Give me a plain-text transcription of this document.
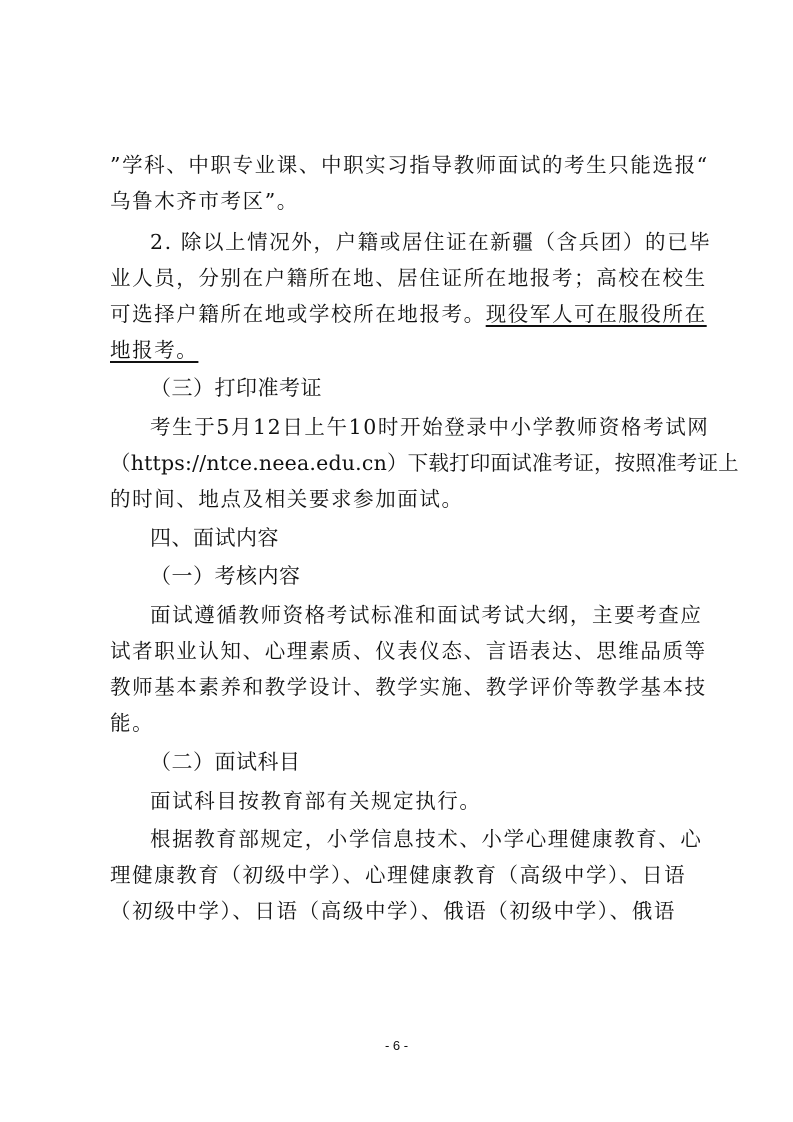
”学科、中职专业课、中职实习指导教师面试的考生只能选报“
乌鲁木齐市考区”。
2. 除以上情况外，户籍或居住证在新疆（含兵团）的已毕
业人员，分别在户籍所在地、居住证所在地报考；高校在校生
可选择户籍所在地或学校所在地报考。现役军人可在服役所在
地报考。
（三）打印准考证
考生于5月12日上午10时开始登录中小学教师资格考试网
（https://ntce.neea.edu.cn）下载打印面试准考证，按照准考证上
的时间、地点及相关要求参加面试。
四、面试内容
（一）考核内容
面试遵循教师资格考试标准和面试考试大纲，主要考查应
试者职业认知、心理素质、仪表仪态、言语表达、思维品质等
教师基本素养和教学设计、教学实施、教学评价等教学基本技
能。
（二）面试科目
面试科目按教育部有关规定执行。
根据教育部规定，小学信息技术、小学心理健康教育、心
理健康教育（初级中学）、心理健康教育（高级中学）、日语
（初级中学）、日语（高级中学）、俄语（初级中学）、俄语
- 6 -
